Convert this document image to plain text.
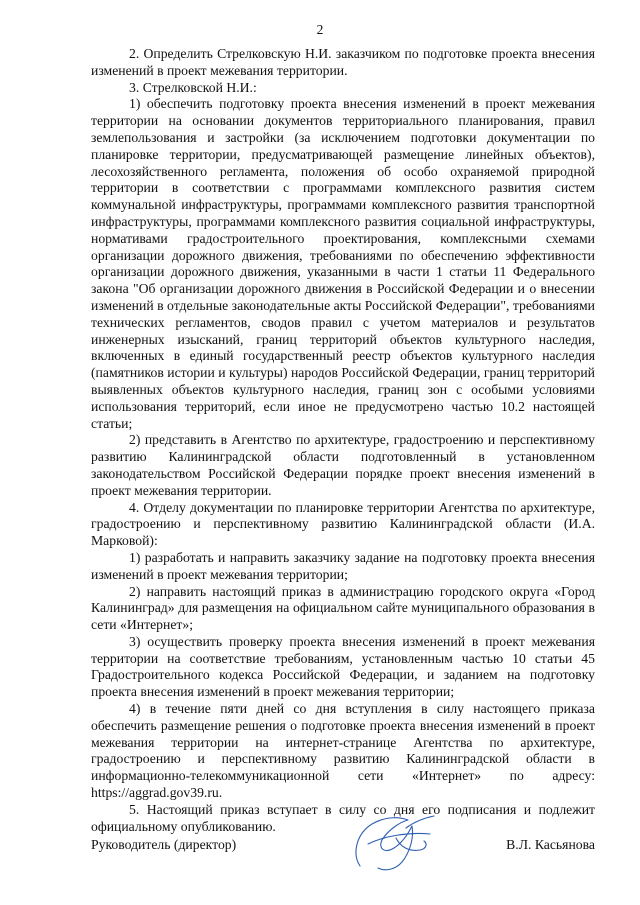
2

2. Определить Стрелковскую Н.И. заказчиком по подготовке проекта внесения изменений в проект межевания территории.

3. Стрелковской Н.И.:

1) обеспечить подготовку проекта внесения изменений в проект межевания территории на основании документов территориального планирования, правил землепользования и застройки (за исключением подготовки документации по планировке территории, предусматривающей размещение линейных объектов), лесохозяйственного регламента, положения об особо охраняемой природной территории в соответствии с программами комплексного развития систем коммунальной инфраструктуры, программами комплексного развития транспортной инфраструктуры, программами комплексного развития социальной инфраструктуры, нормативами градостроительного проектирования, комплексными схемами организации дорожного движения, требованиями по обеспечению эффективности организации дорожного движения, указанными в части 1 статьи 11 Федерального закона "Об организации дорожного движения в Российской Федерации и о внесении изменений в отдельные законодательные акты Российской Федерации", требованиями технических регламентов, сводов правил с учетом материалов и результатов инженерных изысканий, границ территорий объектов культурного наследия, включенных в единый государственный реестр объектов культурного наследия (памятников истории и культуры) народов Российской Федерации, границ территорий выявленных объектов культурного наследия, границ зон с особыми условиями использования территорий, если иное не предусмотрено частью 10.2 настоящей статьи;

2) представить в Агентство по архитектуре, градостроению и перспективному развитию Калининградской области подготовленный в установленном законодательством Российской Федерации порядке проект внесения изменений в проект межевания территории.

4. Отделу документации по планировке территории Агентства по архитектуре, градостроению и перспективному развитию Калининградской области (И.А. Марковой):

1) разработать и направить заказчику задание на подготовку проекта внесения изменений в проект межевания территории;

2) направить настоящий приказ в администрацию городского округа «Город Калининград» для размещения на официальном сайте муниципального образования в сети «Интернет»;

3) осуществить проверку проекта внесения изменений в проект межевания территории на соответствие требованиям, установленным частью 10 статьи 45 Градостроительного кодекса Российской Федерации, и заданием на подготовку проекта внесения изменений в проект межевания территории;

4) в течение пяти дней со дня вступления в силу настоящего приказа обеспечить размещение решения о подготовке проекта внесения изменений в проект межевания территории на интернет-странице Агентства по архитектуре, градостроению и перспективному развитию Калининградской области в информационно-телекоммуникационной сети «Интернет» по адресу: https://aggrad.gov39.ru.

5. Настоящий приказ вступает в силу со дня его подписания и подлежит официальному опубликованию.

Руководитель (директор)	В.Л. Касьянова
